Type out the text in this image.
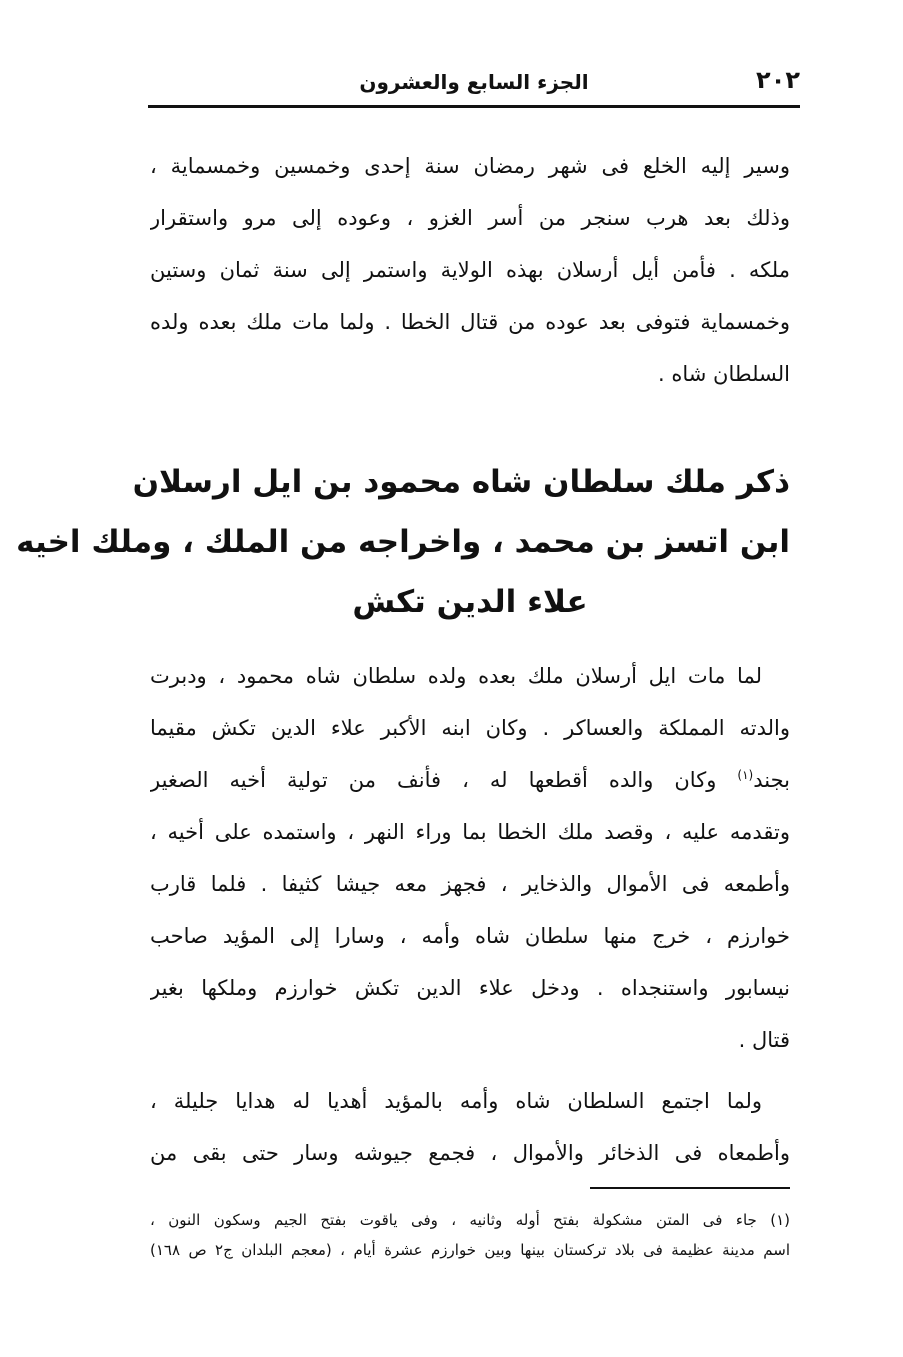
٢٠٢
الجزء السابع والعشرون
وسير إليه الخلع فى شهر رمضان سنة إحدى وخمسين وخمسماية ،
وذلك بعد هرب سنجر من أسر الغزو ، وعوده إلى مرو واستقرار
ملكه . فأمن أيل أرسلان بهذه الولاية واستمر إلى سنة ثمان وستين
وخمسماية فتوفى بعد عوده من قتال الخطا . ولما مات ملك بعده ولده
السلطان شاه .
ذكر ملك سلطان شاه محمود بن ايل ارسلان
ابن اتسز بن محمد ، واخراجه من الملك ، وملك اخيه
علاء الدين تكش
لما مات ايل أرسلان ملك بعده ولده سلطان شاه محمود ، ودبرت
والدته المملكة والعساكر . وكان ابنه الأكبر علاء الدين تكش مقيما
بجند$^{(١)}$ وكان والده أقطعها له ، فأنف من تولية أخيه الصغير
وتقدمه عليه ، وقصد ملك الخطا بما وراء النهر ، واستمده على أخيه ،
وأطمعه فى الأموال والذخاير ، فجهز معه جيشا كثيفا . فلما قارب
خوارزم ، خرج منها سلطان شاه وأمه ، وسارا إلى المؤيد صاحب
نيسابور واستنجداه . ودخل علاء الدين تكش خوارزم وملكها بغير
قتال .
ولما اجتمع السلطان شاه وأمه بالمؤيد أهديا له هدايا جليلة ،
وأطمعاه فى الذخائر والأموال ، فجمع جيوشه وسار حتى بقى من
(١) جاء فى المتن مشكولة بفتح أوله وثانيه ، وفى ياقوت بفتح الجيم وسكون النون ،
اسم مدينة عظيمة فى بلاد تركستان بينها وبين خوارزم عشرة أيام ، (معجم البلدان ج٢ ص ١٦٨)
